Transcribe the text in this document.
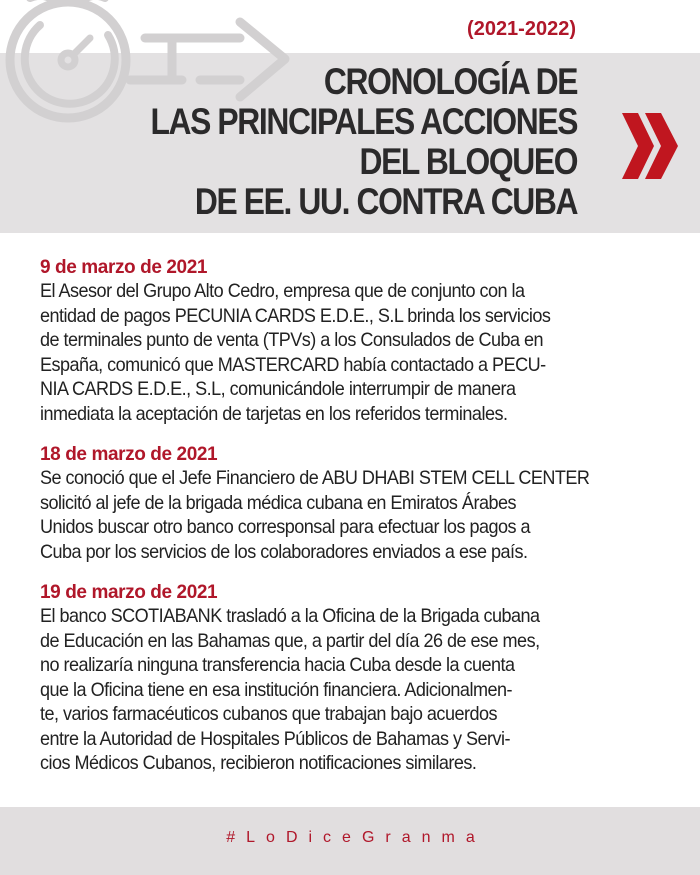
(2021-2022)
CRONOLOGÍA DE
LAS PRINCIPALES ACCIONES
DEL BLOQUEO
DE EE. UU. CONTRA CUBA
9 de marzo de 2021
El Asesor del Grupo Alto Cedro, empresa que de conjunto con la
entidad de pagos PECUNIA CARDS E.D.E., S.L brinda los servicios
de terminales punto de venta (TPVs) a los Consulados de Cuba en
España, comunicó que MASTERCARD había contactado a PECU-
NIA CARDS E.D.E., S.L, comunicándole interrumpir de manera
inmediata la aceptación de tarjetas en los referidos terminales.
18 de marzo de 2021
Se conoció que el Jefe Financiero de ABU DHABI STEM CELL CENTER
solicitó al jefe de la brigada médica cubana en Emiratos Árabes
Unidos buscar otro banco corresponsal para efectuar los pagos a
Cuba por los servicios de los colaboradores enviados a ese país.
19 de marzo de 2021
El banco SCOTIABANK trasladó a la Oficina de la Brigada cubana
de Educación en las Bahamas que, a partir del día 26 de ese mes,
no realizaría ninguna transferencia hacia Cuba desde la cuenta
que la Oficina tiene en esa institución financiera. Adicionalmen-
te, varios farmacéuticos cubanos que trabajan bajo acuerdos
entre la Autoridad de Hospitales Públicos de Bahamas y Servi-
cios Médicos Cubanos, recibieron notificaciones similares.
#LoDiceGranma
